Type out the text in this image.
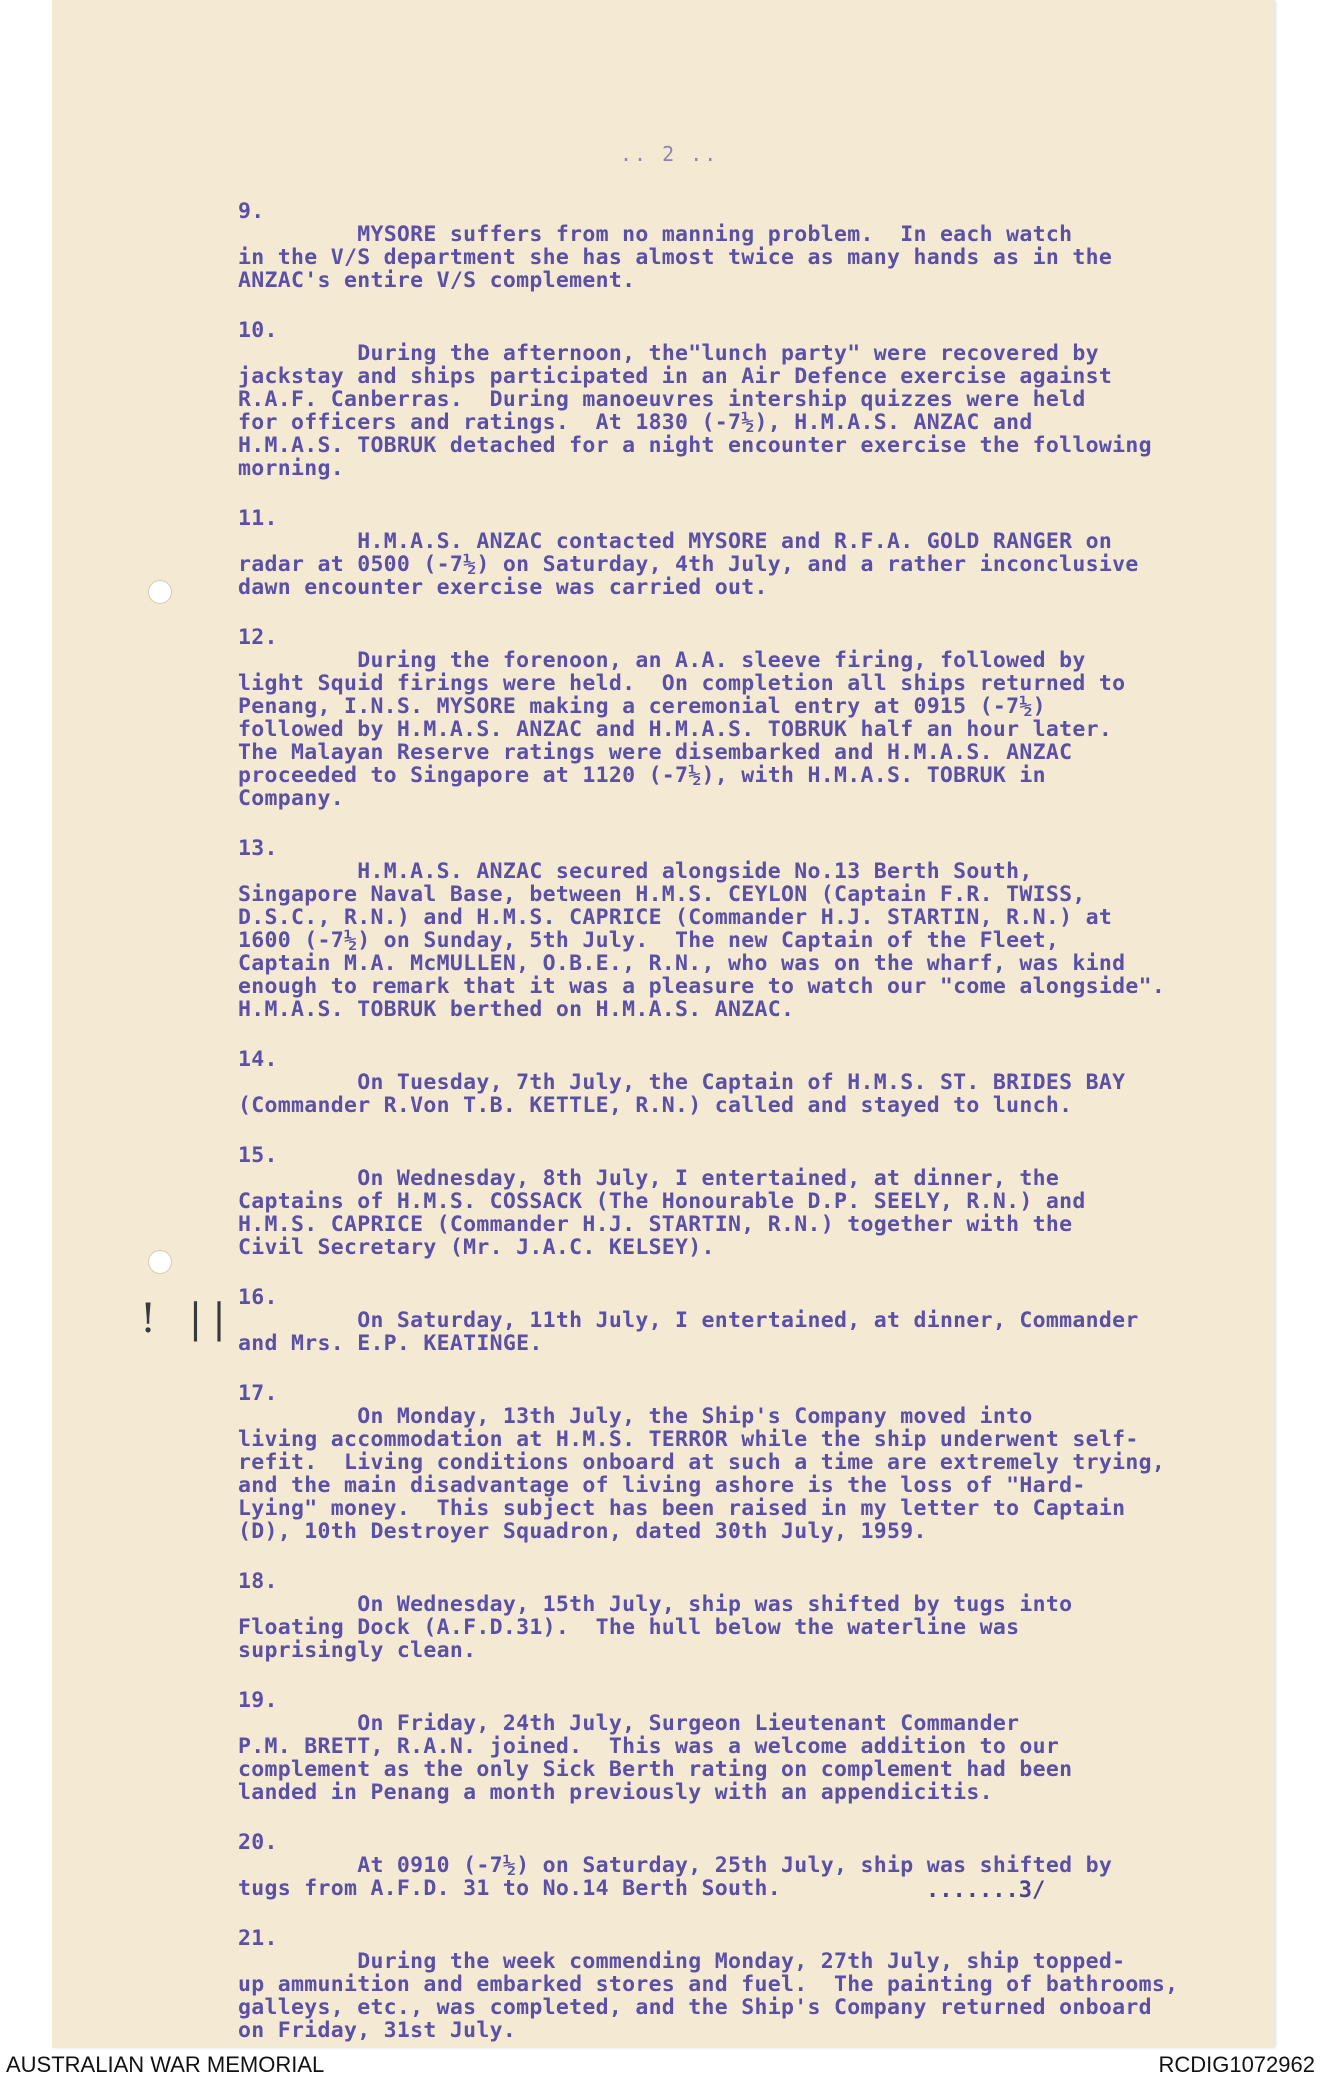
.. 2 ..
9.
MYSORE suffers from no manning problem.  In each watch
in the V/S department she has almost twice as many hands as in the
ANZAC's entire V/S complement.
10.
During the afternoon, the"lunch party" were recovered by
jackstay and ships participated in an Air Defence exercise against
R.A.F. Canberras.  During manoeuvres intership quizzes were held
for officers and ratings.  At 1830 (-7½), H.M.A.S. ANZAC and
H.M.A.S. TOBRUK detached for a night encounter exercise the following
morning.
11.
H.M.A.S. ANZAC contacted MYSORE and R.F.A. GOLD RANGER on
radar at 0500 (-7½) on Saturday, 4th July, and a rather inconclusive
dawn encounter exercise was carried out.
12.
During the forenoon, an A.A. sleeve firing, followed by
light Squid firings were held.  On completion all ships returned to
Penang, I.N.S. MYSORE making a ceremonial entry at 0915 (-7½)
followed by H.M.A.S. ANZAC and H.M.A.S. TOBRUK half an hour later.
The Malayan Reserve ratings were disembarked and H.M.A.S. ANZAC
proceeded to Singapore at 1120 (-7½), with H.M.A.S. TOBRUK in
Company.
13.
H.M.A.S. ANZAC secured alongside No.13 Berth South,
Singapore Naval Base, between H.M.S. CEYLON (Captain F.R. TWISS,
D.S.C., R.N.) and H.M.S. CAPRICE (Commander H.J. STARTIN, R.N.) at
1600 (-7½) on Sunday, 5th July.  The new Captain of the Fleet,
Captain M.A. McMULLEN, O.B.E., R.N., who was on the wharf, was kind
enough to remark that it was a pleasure to watch our "come alongside".
H.M.A.S. TOBRUK berthed on H.M.A.S. ANZAC.
14.
On Tuesday, 7th July, the Captain of H.M.S. ST. BRIDES BAY
(Commander R.Von T.B. KETTLE, R.N.) called and stayed to lunch.
15.
On Wednesday, 8th July, I entertained, at dinner, the
Captains of H.M.S. COSSACK (The Honourable D.P. SEELY, R.N.) and
H.M.S. CAPRICE (Commander H.J. STARTIN, R.N.) together with the
Civil Secretary (Mr. J.A.C. KELSEY).
16.
On Saturday, 11th July, I entertained, at dinner, Commander
and Mrs. E.P. KEATINGE.
17.
On Monday, 13th July, the Ship's Company moved into
living accommodation at H.M.S. TERROR while the ship underwent self-
refit.  Living conditions onboard at such a time are extremely trying,
and the main disadvantage of living ashore is the loss of "Hard-
Lying" money.  This subject has been raised in my letter to Captain
(D), 10th Destroyer Squadron, dated 30th July, 1959.
18.
On Wednesday, 15th July, ship was shifted by tugs into
Floating Dock (A.F.D.31).  The hull below the waterline was
suprisingly clean.
19.
On Friday, 24th July, Surgeon Lieutenant Commander
P.M. BRETT, R.A.N. joined.  This was a welcome addition to our
complement as the only Sick Berth rating on complement had been
landed in Penang a month previously with an appendicitis.
20.
At 0910 (-7½) on Saturday, 25th July, ship was shifted by
tugs from A.F.D. 31 to No.14 Berth South.
21.
During the week commending Monday, 27th July, ship topped-
up ammunition and embarked stores and fuel.  The painting of bathrooms,
galleys, etc., was completed, and the Ship's Company returned onboard
on Friday, 31st July.
! ||
.......3/
AUSTRALIAN WAR MEMORIAL	RCDIG1072962
